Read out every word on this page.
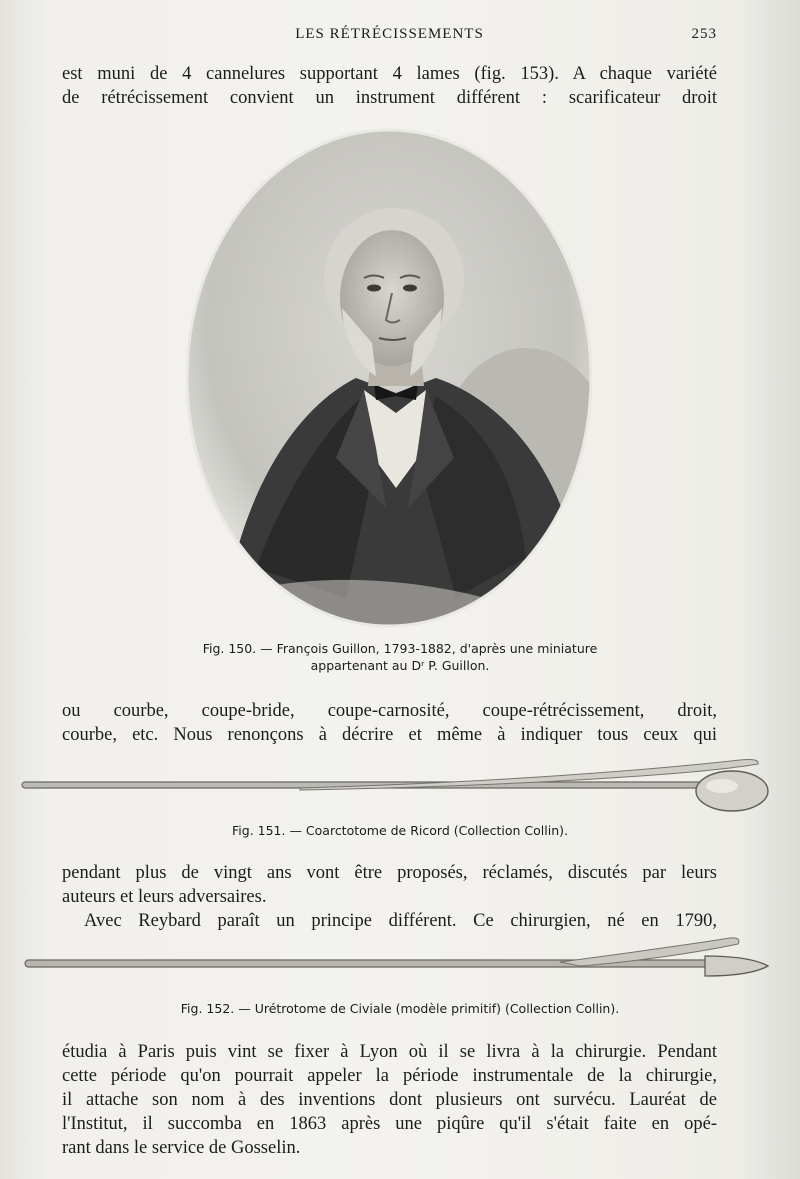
LES RÉTRÉCISSEMENTS	253
est muni de 4 cannelures supportant 4 lames (fig. 153). A chaque variété
de rétrécissement convient un instrument différent : scarificateur droit
Fig. 150. — François Guillon, 1793-1882, d'après une miniature
appartenant au Dʳ P. Guillon.
ou courbe, coupe-bride, coupe-carnosité, coupe-rétrécissement, droit,
courbe, etc. Nous renonçons à décrire et même à indiquer tous ceux qui
Fig. 151. — Coarctotome de Ricord (Collection Collin).
pendant plus de vingt ans vont être proposés, réclamés, discutés par leurs
auteurs et leurs adversaires.
Avec Reybard paraît un principe différent. Ce chirurgien, né en 1790,
Fig. 152. — Urétrotome de Civiale (modèle primitif) (Collection Collin).
étudia à Paris puis vint se fixer à Lyon où il se livra à la chirurgie. Pendant
cette période qu'on pourrait appeler la période instrumentale de la chirurgie,
il attache son nom à des inventions dont plusieurs ont survécu. Lauréat de
l'Institut, il succomba en 1863 après une piqûre qu'il s'était faite en opé-
rant dans le service de Gosselin.
